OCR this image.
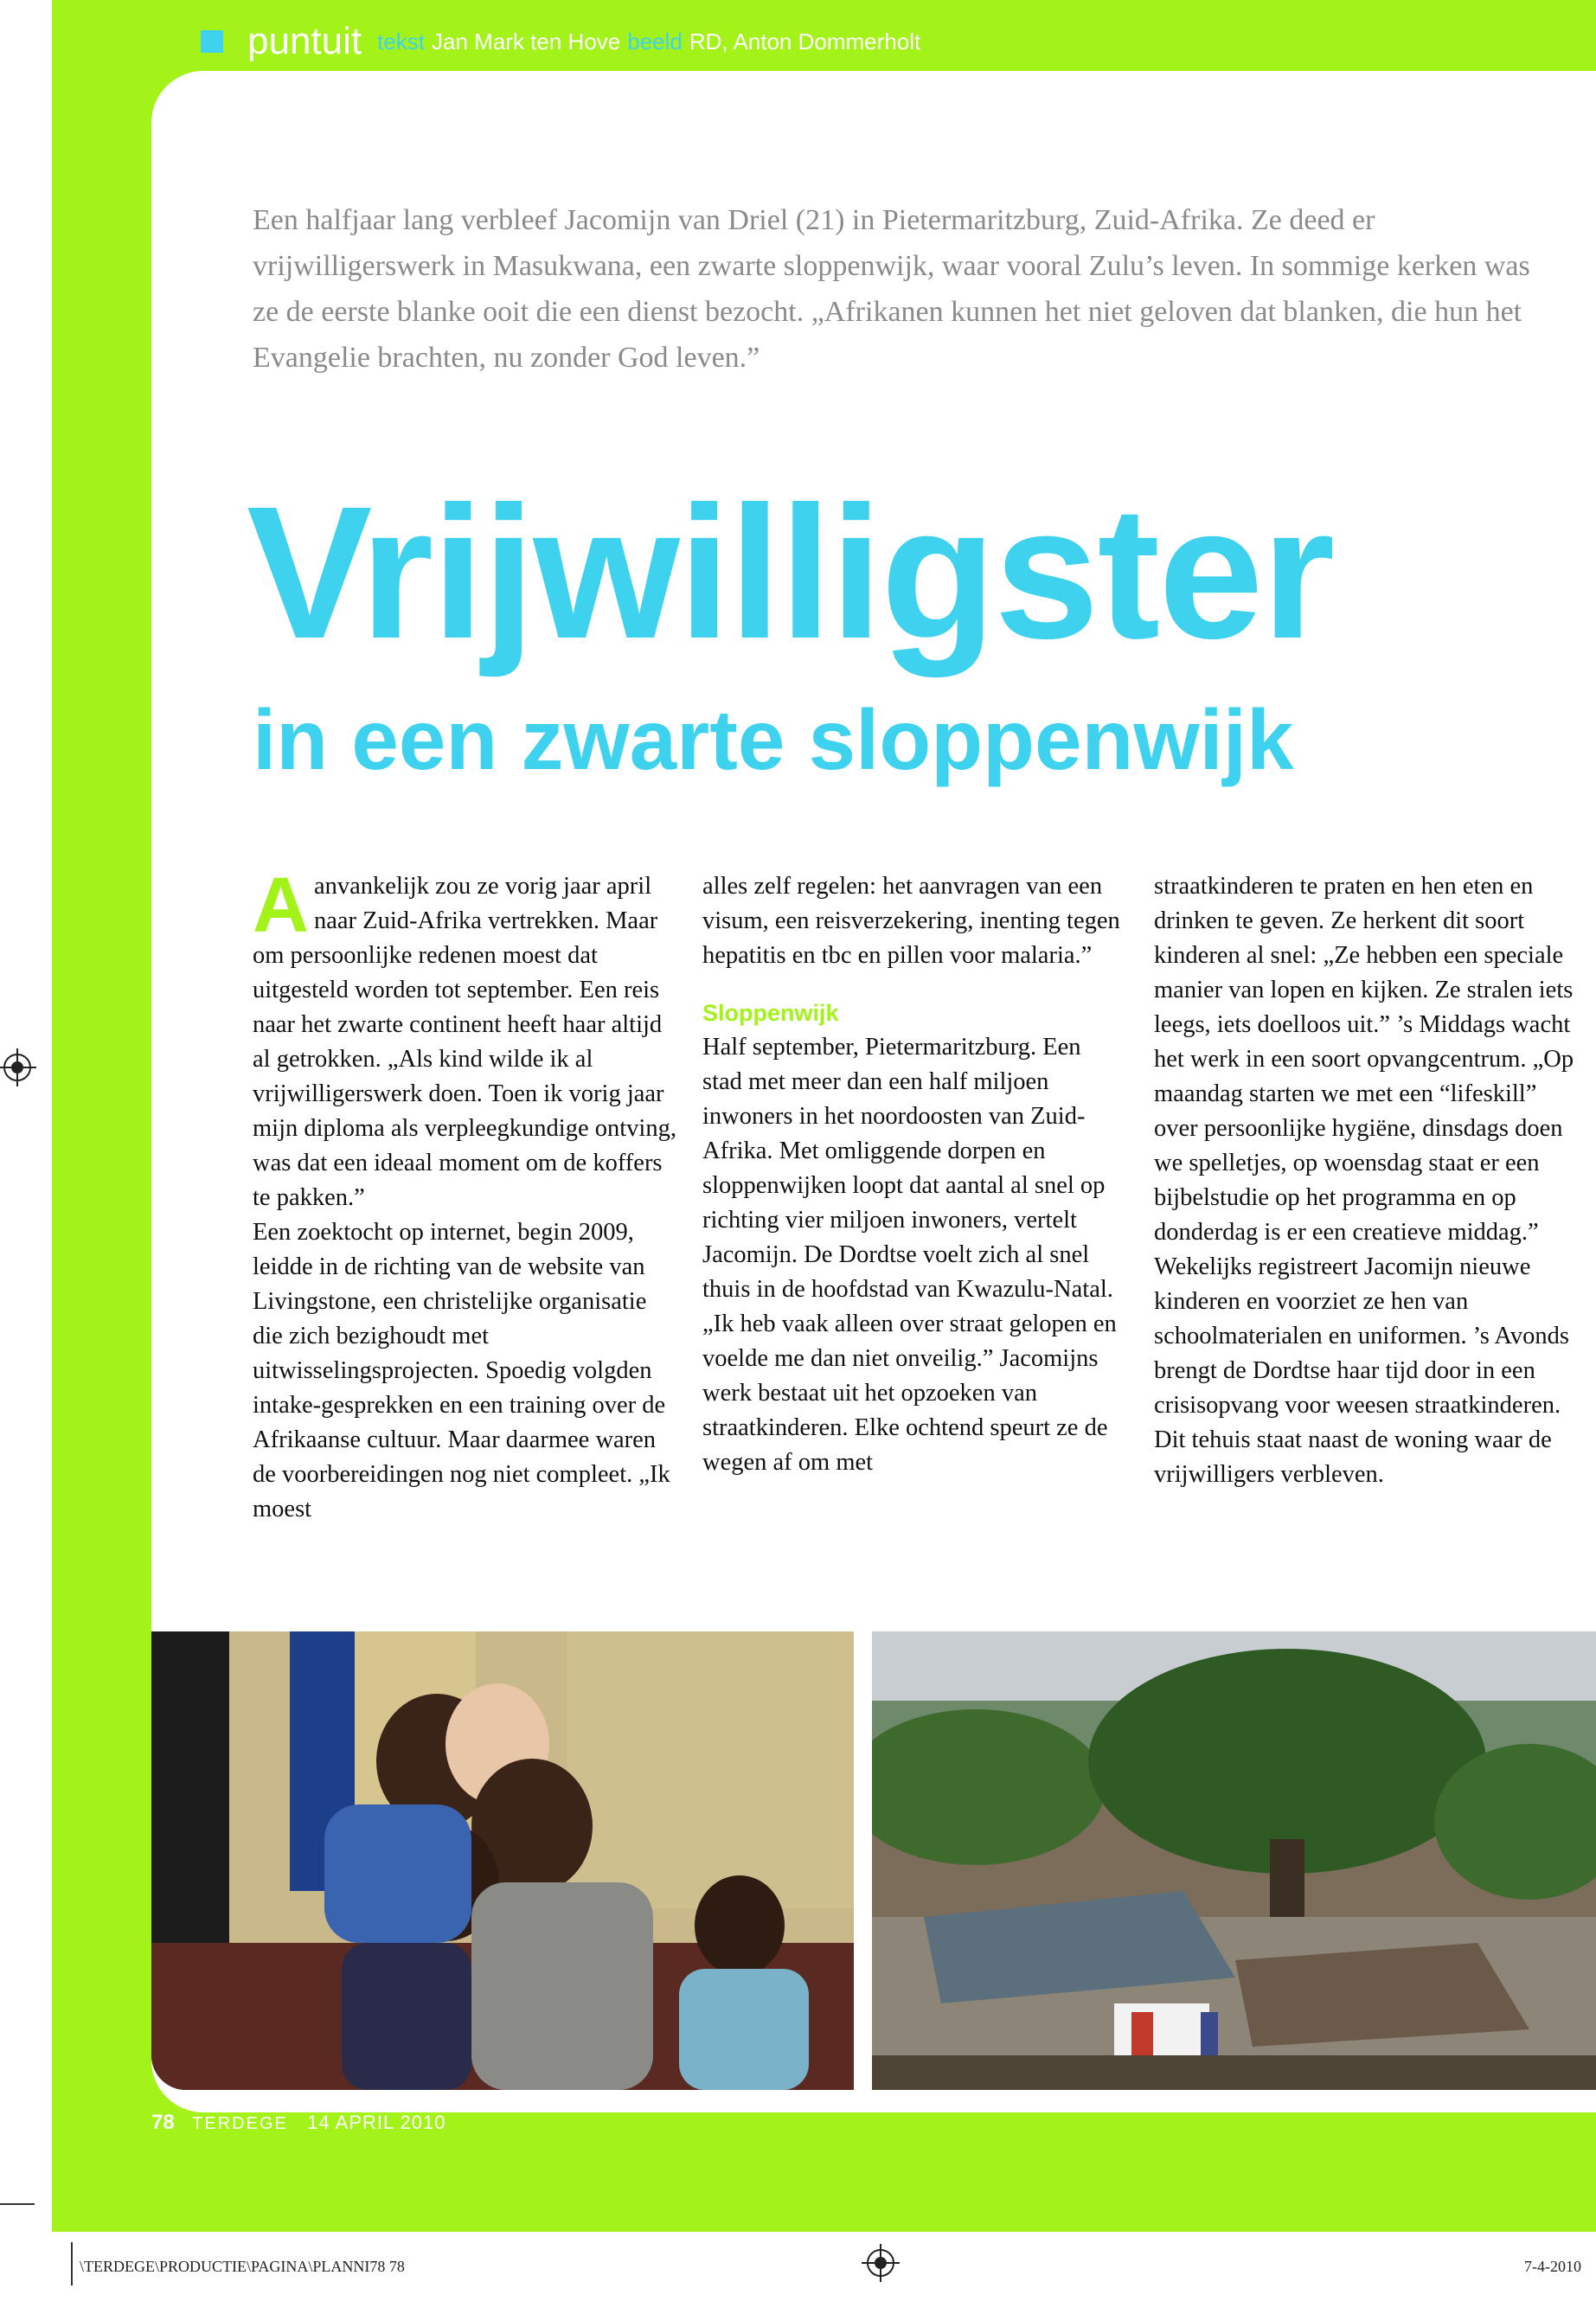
puntuit tekst Jan Mark ten Hove beeld RD, Anton Dommerholt
Een halfjaar lang verbleef Jacomijn van Driel (21) in Pietermaritzburg, Zuid-Afrika. Ze deed er vrijwilligerswerk in Masukwana, een zwarte sloppenwijk, waar vooral Zulu’s leven. In sommige kerken was ze de eerste blanke ooit die een dienst bezocht. „Afrikanen kunnen het niet geloven dat blanken, die hun het Evangelie brachten, nu zonder God leven.”
Vrijwilligster
in een zwarte sloppenwijk
A anvankelijk zou ze vorig jaar april naar Zuid-Afrika vertrekken. Maar om persoonlijke redenen moest dat uitgesteld worden tot september. Een reis naar het zwarte continent heeft haar altijd al getrokken. „Als kind wilde ik al vrijwilligerswerk doen. Toen ik vorig jaar mijn diploma als verpleegkundige ontving, was dat een ideaal moment om de koffers te pakken.”

Een zoektocht op internet, begin 2009, leidde in de richting van de website van Livingstone, een christelijke organisatie die zich bezighoudt met uitwisselingsprojecten. Spoedig volgden intake-gesprekken en een training over de Afrikaanse cultuur. Maar daarmee waren de voorbereidingen nog niet compleet. „Ik moest

alles zelf regelen: het aanvragen van een visum, een reisverzekering, inenting tegen hepatitis en tbc en pillen voor malaria.”

Sloppenwijk

Half september, Pietermaritzburg. Een stad met meer dan een half miljoen inwoners in het noordoosten van Zuid-Afrika. Met omliggende dorpen en sloppenwijken loopt dat aantal al snel op richting vier miljoen inwoners, vertelt Jacomijn. De Dordtse voelt zich al snel thuis in de hoofdstad van Kwazulu-Natal. „Ik heb vaak alleen over straat gelopen en voelde me dan niet onveilig.” Jacomijns werk bestaat uit het opzoeken van straatkinderen. Elke ochtend speurt ze de wegen af om met

straatkinderen te praten en hen eten en drinken te geven. Ze herkent dit soort kinderen al snel: „Ze hebben een speciale manier van lopen en kijken. Ze stralen iets leegs, iets doelloos uit.” ’s Middags wacht het werk in een soort opvangcentrum. „Op maandag starten we met een “lifeskill” over persoonlijke hygiëne, dinsdags doen we spelletjes, op woensdag staat er een bijbelstudie op het programma en op donderdag is er een creatieve middag.” Wekelijks registreert Jacomijn nieuwe kinderen en voorziet ze hen van schoolmaterialen en uniformen. ’s Avonds brengt de Dordtse haar tijd door in een crisisopvang voor weesen straatkinderen. Dit tehuis staat naast de woning waar de vrijwilligers verbleven.

78 TERDEGE 14 APRIL 2010
\TERDEGE\PRODUCTIE\PAGINA\PLANNI78 78	7-4-2010
